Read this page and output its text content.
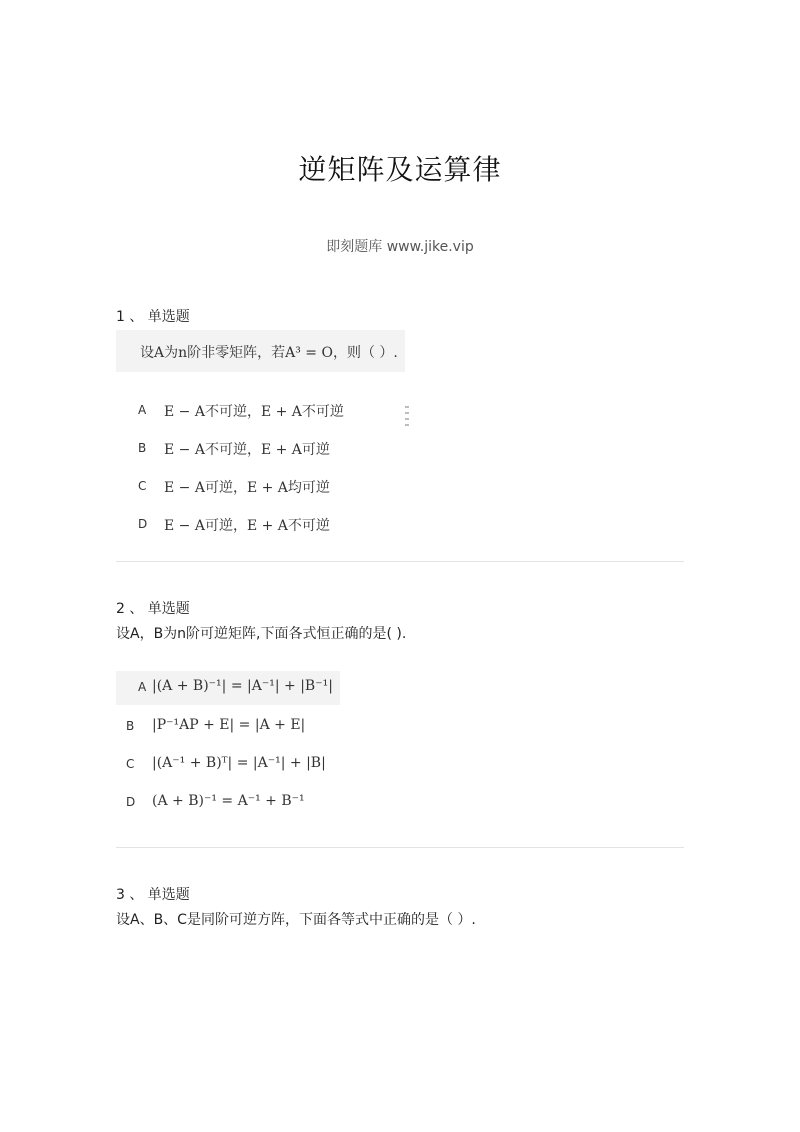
逆矩阵及运算律
即刻题库 www.jike.vip
1 、 单选题
设A为n阶非零矩阵，若A³ = O，则（ ）.
A E − A不可逆，E + A不可逆
B E − A不可逆，E + A可逆
C E − A可逆，E + A均可逆
D E − A可逆，E + A不可逆
2 、 单选题
设A，B为n阶可逆矩阵,下面各式恒正确的是( ).
A |(A + B)⁻¹| = |A⁻¹| + |B⁻¹|
B |P⁻¹AP + E| = |A + E|
C |(A⁻¹ + B)ᵀ| = |A⁻¹| + |B|
D (A + B)⁻¹ = A⁻¹ + B⁻¹
3 、 单选题
设A、B、C是同阶可逆方阵，下面各等式中正确的是（ ）.
